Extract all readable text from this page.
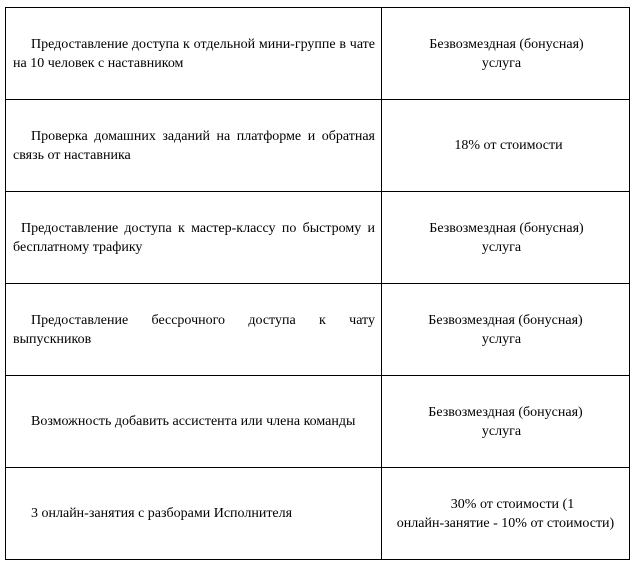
Предоставление доступа к отдельной мини-группе в чате на 10 человек с наставником	Безвозмездная (бонусная)
услуга

Проверка домашних заданий на платформе и обратная связь от наставника	18% от стоимости

Предоставление доступа к мастер-классу по быстрому и бесплатному трафику	Безвозмездная (бонусная)
услуга

Предоставление бессрочного доступа к чату выпускников	Безвозмездная (бонусная)
услуга

Возможность добавить ассистента или члена команды	Безвозмездная (бонусная)
услуга

3 онлайн-занятия с разборами Исполнителя	30% от стоимости (1
онлайн-занятие - 10% от стоимости)
